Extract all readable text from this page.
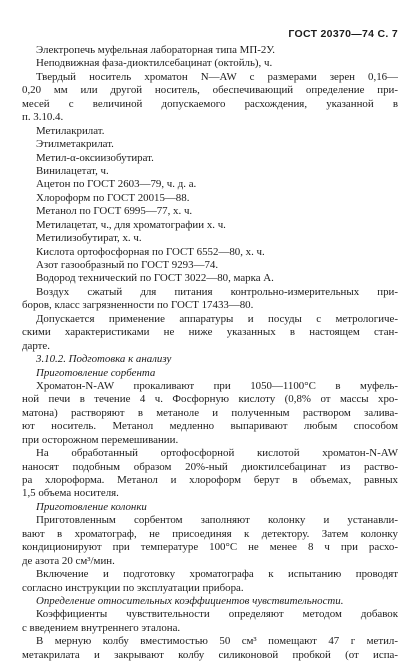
ГОСТ 20370—74 С. 7
Электропечь муфельная лабораторная типа МП-2У.
Неподвижная фаза-диоктилсебацинат (октойль), ч.
Твердый носитель хроматон N—AW с размерами зерен 0,16—
0,20 мм или другой носитель, обеспечивающий определение при-
месей с величиной допускаемого расхождения, указанной в
п. 3.10.4.
Метилакрилат.
Этилметакрилат.
Метил-α-оксиизобутират.
Винилацетат, ч.
Ацетон по ГОСТ 2603—79, ч. д. а.
Хлороформ по ГОСТ 20015—88.
Метанол по ГОСТ 6995—77, х. ч.
Метилацетат, ч., для хроматографии х. ч.
Метилизобутират, х. ч.
Кислота ортофосфорная по ГОСТ 6552—80, х. ч.
Азот газообразный по ГОСТ 9293—74.
Водород технический по ГОСТ 3022—80, марка А.
Воздух сжатый для питания контрольно-измерительных при-
боров, класс загрязненности по ГОСТ 17433—80.
Допускается применение аппаратуры и посуды с метрологиче-
скими характеристиками не ниже указанных в настоящем стан-
дарте.
3.10.2. Подготовка к анализу
Приготовление сорбента
Хроматон-N-AW прокаливают при 1050—1100°С в муфель-
ной печи в течение 4 ч. Фосфорную кислоту (0,8% от массы хро-
матона) растворяют в метаноле и полученным раствором залива-
ют носитель. Метанол медленно выпаривают любым способом
при осторожном перемешивании.
На обработанный ортофосфорной кислотой хроматон-N-AW
наносят подобным образом 20%-ный диоктилсебацинат из раство-
ра хлороформа. Метанол и хлороформ берут в объемах, равных
1,5 объема носителя.
Приготовление колонки
Приготовленным сорбентом заполняют колонку и устанавли-
вают в хроматограф, не присоединяя к детектору. Затем колонку
кондиционируют при температуре 100°С не менее 8 ч при расхо-
де азота 20 см³/мин.
Включение и подготовку хроматографа к испытанию проводят
согласно инструкции по эксплуатации прибора.
Определение относительных коэффициентов чувствительности.
Коэффициенты чувствительности определяют методом добавок
с введением внутреннего эталона.
В мерную колбу вместимостью 50 см³ помещают 47 г метил-
метакрилата и закрывают колбу силиконовой пробкой (от испа-
